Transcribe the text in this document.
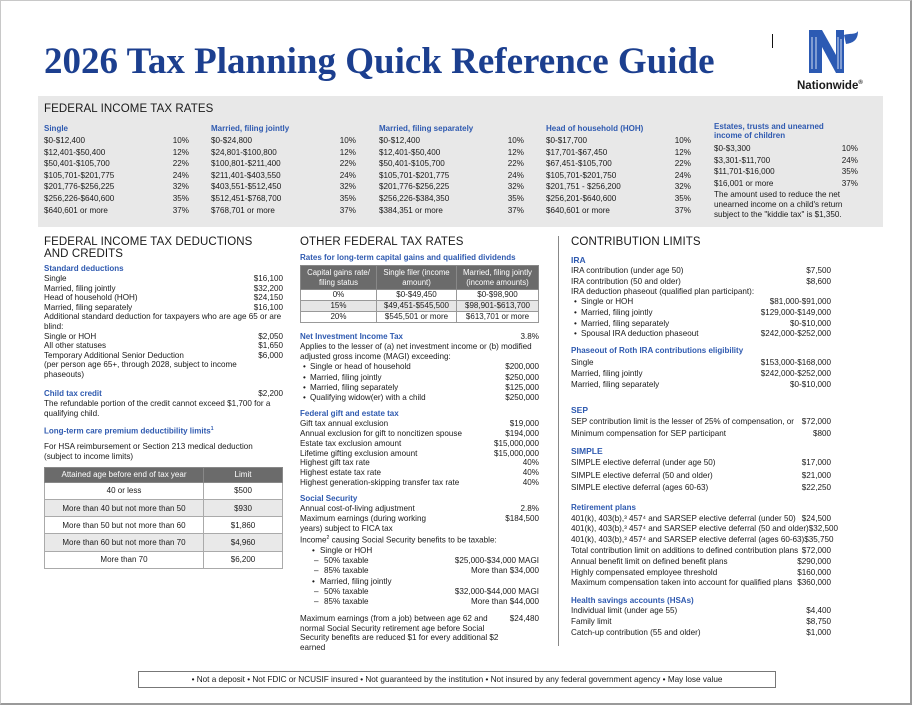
2026 Tax Planning Quick Reference Guide
Nationwide®
FEDERAL INCOME TAX RATES
Single
$0-$12,400	10%
$12,401-$50,400	12%
$50,401-$105,700	22%
$105,701-$201,775	24%
$201,776-$256,225	32%
$256,226-$640,600	35%
$640,601 or more	37%
Married, filing jointly
$0-$24,800	10%
$24,801-$100,800	12%
$100,801-$211,400	22%
$211,401-$403,550	24%
$403,551-$512,450	32%
$512,451-$768,700	35%
$768,701 or more	37%
Married, filing separately
$0-$12,400	10%
$12,401-$50,400	12%
$50,401-$105,700	22%
$105,701-$201,775	24%
$201,776-$256,225	32%
$256,226-$384,350	35%
$384,351 or more	37%
Head of household (HOH)
$0-$17,700	10%
$17,701-$67,450	12%
$67,451-$105,700	22%
$105,701-$201,750	24%
$201,751 - $256,200	32%
$256,201-$640,600	35%
$640,601 or more	37%
Estates, trusts and unearned income of children
$0-$3,300	10%
$3,301-$11,700	24%
$11,701-$16,000	35%
$16,001 or more	37%
The amount used to reduce the net unearned income on a child's return subject to the "kiddie tax" is $1,350.
FEDERAL INCOME TAX DEDUCTIONS
AND CREDITS
Standard deductions
Single	$16,100
Married, filing jointly	$32,200
Head of household (HOH)	$24,150
Married, filing separately	$16,100
Additional standard deduction for taxpayers who are age 65 or are blind:
Single or HOH	$2,050
All other statuses	$1,650
Temporary Additional Senior Deduction	$6,000
(per person age 65+, through 2028, subject to income phaseouts)
Child tax credit	$2,200
The refundable portion of the credit cannot exceed $1,700 for a qualifying child.
Long-term care premium deductibility limits$^1$
For HSA reimbursement or Section 213 medical deduction (subject to income limits)
Attained age before end of tax year	Limit
40 or less	$500
More than 40 but not more than 50	$930
More than 50 but not more than 60	$1,860
More than 60 but not more than 70	$4,960
More than 70	$6,200
OTHER FEDERAL TAX RATES
Rates for long-term capital gains and qualified dividends
Capital gains rate/ filing status	Single filer (income amount)	Married, filing jointly (income amounts)
0%	$0-$49,450	$0-$98,900
15%	$49,451-$545,500	$98,901-$613,700
20%	$545,501 or more	$613,701 or more
Net Investment Income Tax	3.8%
Applies to the lesser of (a) net investment income or (b) modified adjusted gross income (MAGI) exceeding:
• Single or head of household	$200,000
• Married, filing jointly	$250,000
• Married, filing separately	$125,000
• Qualifying widow(er) with a child	$250,000
Federal gift and estate tax
Gift tax annual exclusion	$19,000
Annual exclusion for gift to noncitizen spouse	$194,000
Estate tax exclusion amount	$15,000,000
Lifetime gifting exclusion amount	$15,000,000
Highest gift tax rate	40%
Highest estate tax rate	40%
Highest generation-skipping transfer tax rate	40%
Social Security
Annual cost-of-living adjustment	2.8%
Maximum earnings (during working years) subject to FICA tax
$184,500
Income$^2$ causing Social Security benefits to be taxable:
• Single or HOH
– 50% taxable	$25,000-$34,000 MAGI
– 85% taxable	More than $34,000
• Married, filing jointly
– 50% taxable	$32,000-$44,000 MAGI
– 85% taxable	More than $44,000
Maximum earnings (from a job) between age 62 and normal Social Security retirement age before Social Security benefits are reduced $1 for every additional $2 earned
$24,480
CONTRIBUTION LIMITS
IRA
IRA contribution (under age 50)	$7,500
IRA contribution (50 and older)	$8,600
IRA deduction phaseout (qualified plan participant):
• Single or HOH	$81,000-$91,000
• Married, filing jointly	$129,000-$149,000
• Married, filing separately	$0-$10,000
• Spousal IRA deduction phaseout	$242,000-$252,000
Phaseout of Roth IRA contributions eligibility
Single	$153,000-$168,000
Married, filing jointly	$242,000-$252,000
Married, filing separately	$0-$10,000
SEP
SEP contribution limit is the lesser of 25% of compensation, or $72,000
Minimum compensation for SEP participant	$800
SIMPLE
SIMPLE elective deferral (under age 50)	$17,000
SIMPLE elective deferral (50 and older)	$21,000
SIMPLE elective deferral (ages 60-63)	$22,250
Retirement plans
401(k), 403(b),³ 457⁴ and SARSEP elective deferral (under 50) $24,500
401(k), 403(b),³ 457⁴ and SARSEP elective deferral (50 and older) $32,500
401(k), 403(b),³ 457⁴ and SARSEP elective deferral (ages 60-63) $35,750
Total contribution limit on additions to defined contribution plans $72,000
Annual benefit limit on defined benefit plans	$290,000
Highly compensated employee threshold	$160,000
Maximum compensation taken into account for qualified plans $360,000
Health savings accounts (HSAs)
Individual limit (under age 55)	$4,400
Family limit	$8,750
Catch-up contribution (55 and older)	$1,000
• Not a deposit • Not FDIC or NCUSIF insured • Not guaranteed by the institution • Not insured by any federal government agency • May lose value
